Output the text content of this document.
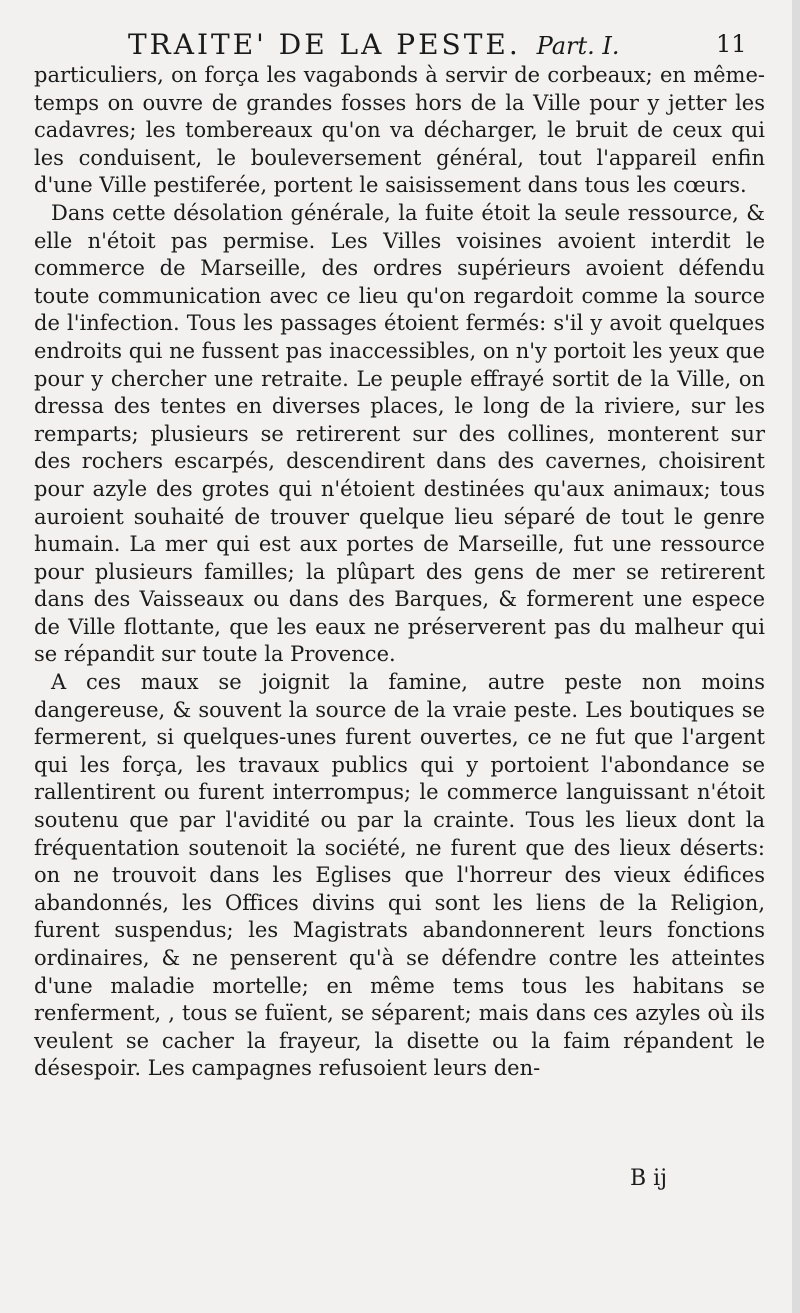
TRAITE' DE LA PESTE. Part. I.	11

particuliers, on força les vagabonds à servir de corbeaux; en même-temps on ouvre de grandes fosses hors de la Ville pour y jetter les cadavres; les tombereaux qu'on va décharger, le bruit de ceux qui les conduisent, le bouleversement général, tout l'appareil enfin d'une Ville pestiferée, portent le saisissement dans tous les cœurs.

Dans cette désolation générale, la fuite étoit la seule ressource, & elle n'étoit pas permise. Les Villes voisines avoient interdit le commerce de Marseille, des ordres supérieurs avoient défendu toute communication avec ce lieu qu'on regardoit comme la source de l'infection. Tous les passages étoient fermés: s'il y avoit quelques endroits qui ne fussent pas inaccessibles, on n'y portoit les yeux que pour y chercher une retraite. Le peuple effrayé sortit de la Ville, on dressa des tentes en diverses places, le long de la riviere, sur les remparts; plusieurs se retirerent sur des collines, monterent sur des rochers escarpés, descendirent dans des cavernes, choisirent pour azyle des grotes qui n'étoient destinées qu'aux animaux; tous auroient souhaité de trouver quelque lieu séparé de tout le genre humain. La mer qui est aux portes de Marseille, fut une ressource pour plusieurs familles; la plûpart des gens de mer se retirerent dans des Vaisseaux ou dans des Barques, & formerent une espece de Ville flottante, que les eaux ne préserverent pas du malheur qui se répandit sur toute la Provence.

A ces maux se joignit la famine, autre peste non moins dangereuse, & souvent la source de la vraie peste. Les boutiques se fermerent, si quelques-unes furent ouvertes, ce ne fut que l'argent qui les força, les travaux publics qui y portoient l'abondance se rallentirent ou furent interrompus; le commerce languissant n'étoit soutenu que par l'avidité ou par la crainte. Tous les lieux dont la fréquentation soutenoit la société, ne furent que des lieux déserts: on ne trouvoit dans les Eglises que l'horreur des vieux édifices abandonnés, les Offices divins qui sont les liens de la Religion, furent suspendus; les Magistrats abandonnerent leurs fonctions ordinaires, & ne penserent qu'à se défendre contre les atteintes d'une maladie mortelle; en même tems tous les habitans se renferment, , tous se fuïent, se séparent; mais dans ces azyles où ils veulent se cacher la frayeur, la disette ou la faim répandent le désespoir. Les campagnes refusoient leurs den-

B ij
